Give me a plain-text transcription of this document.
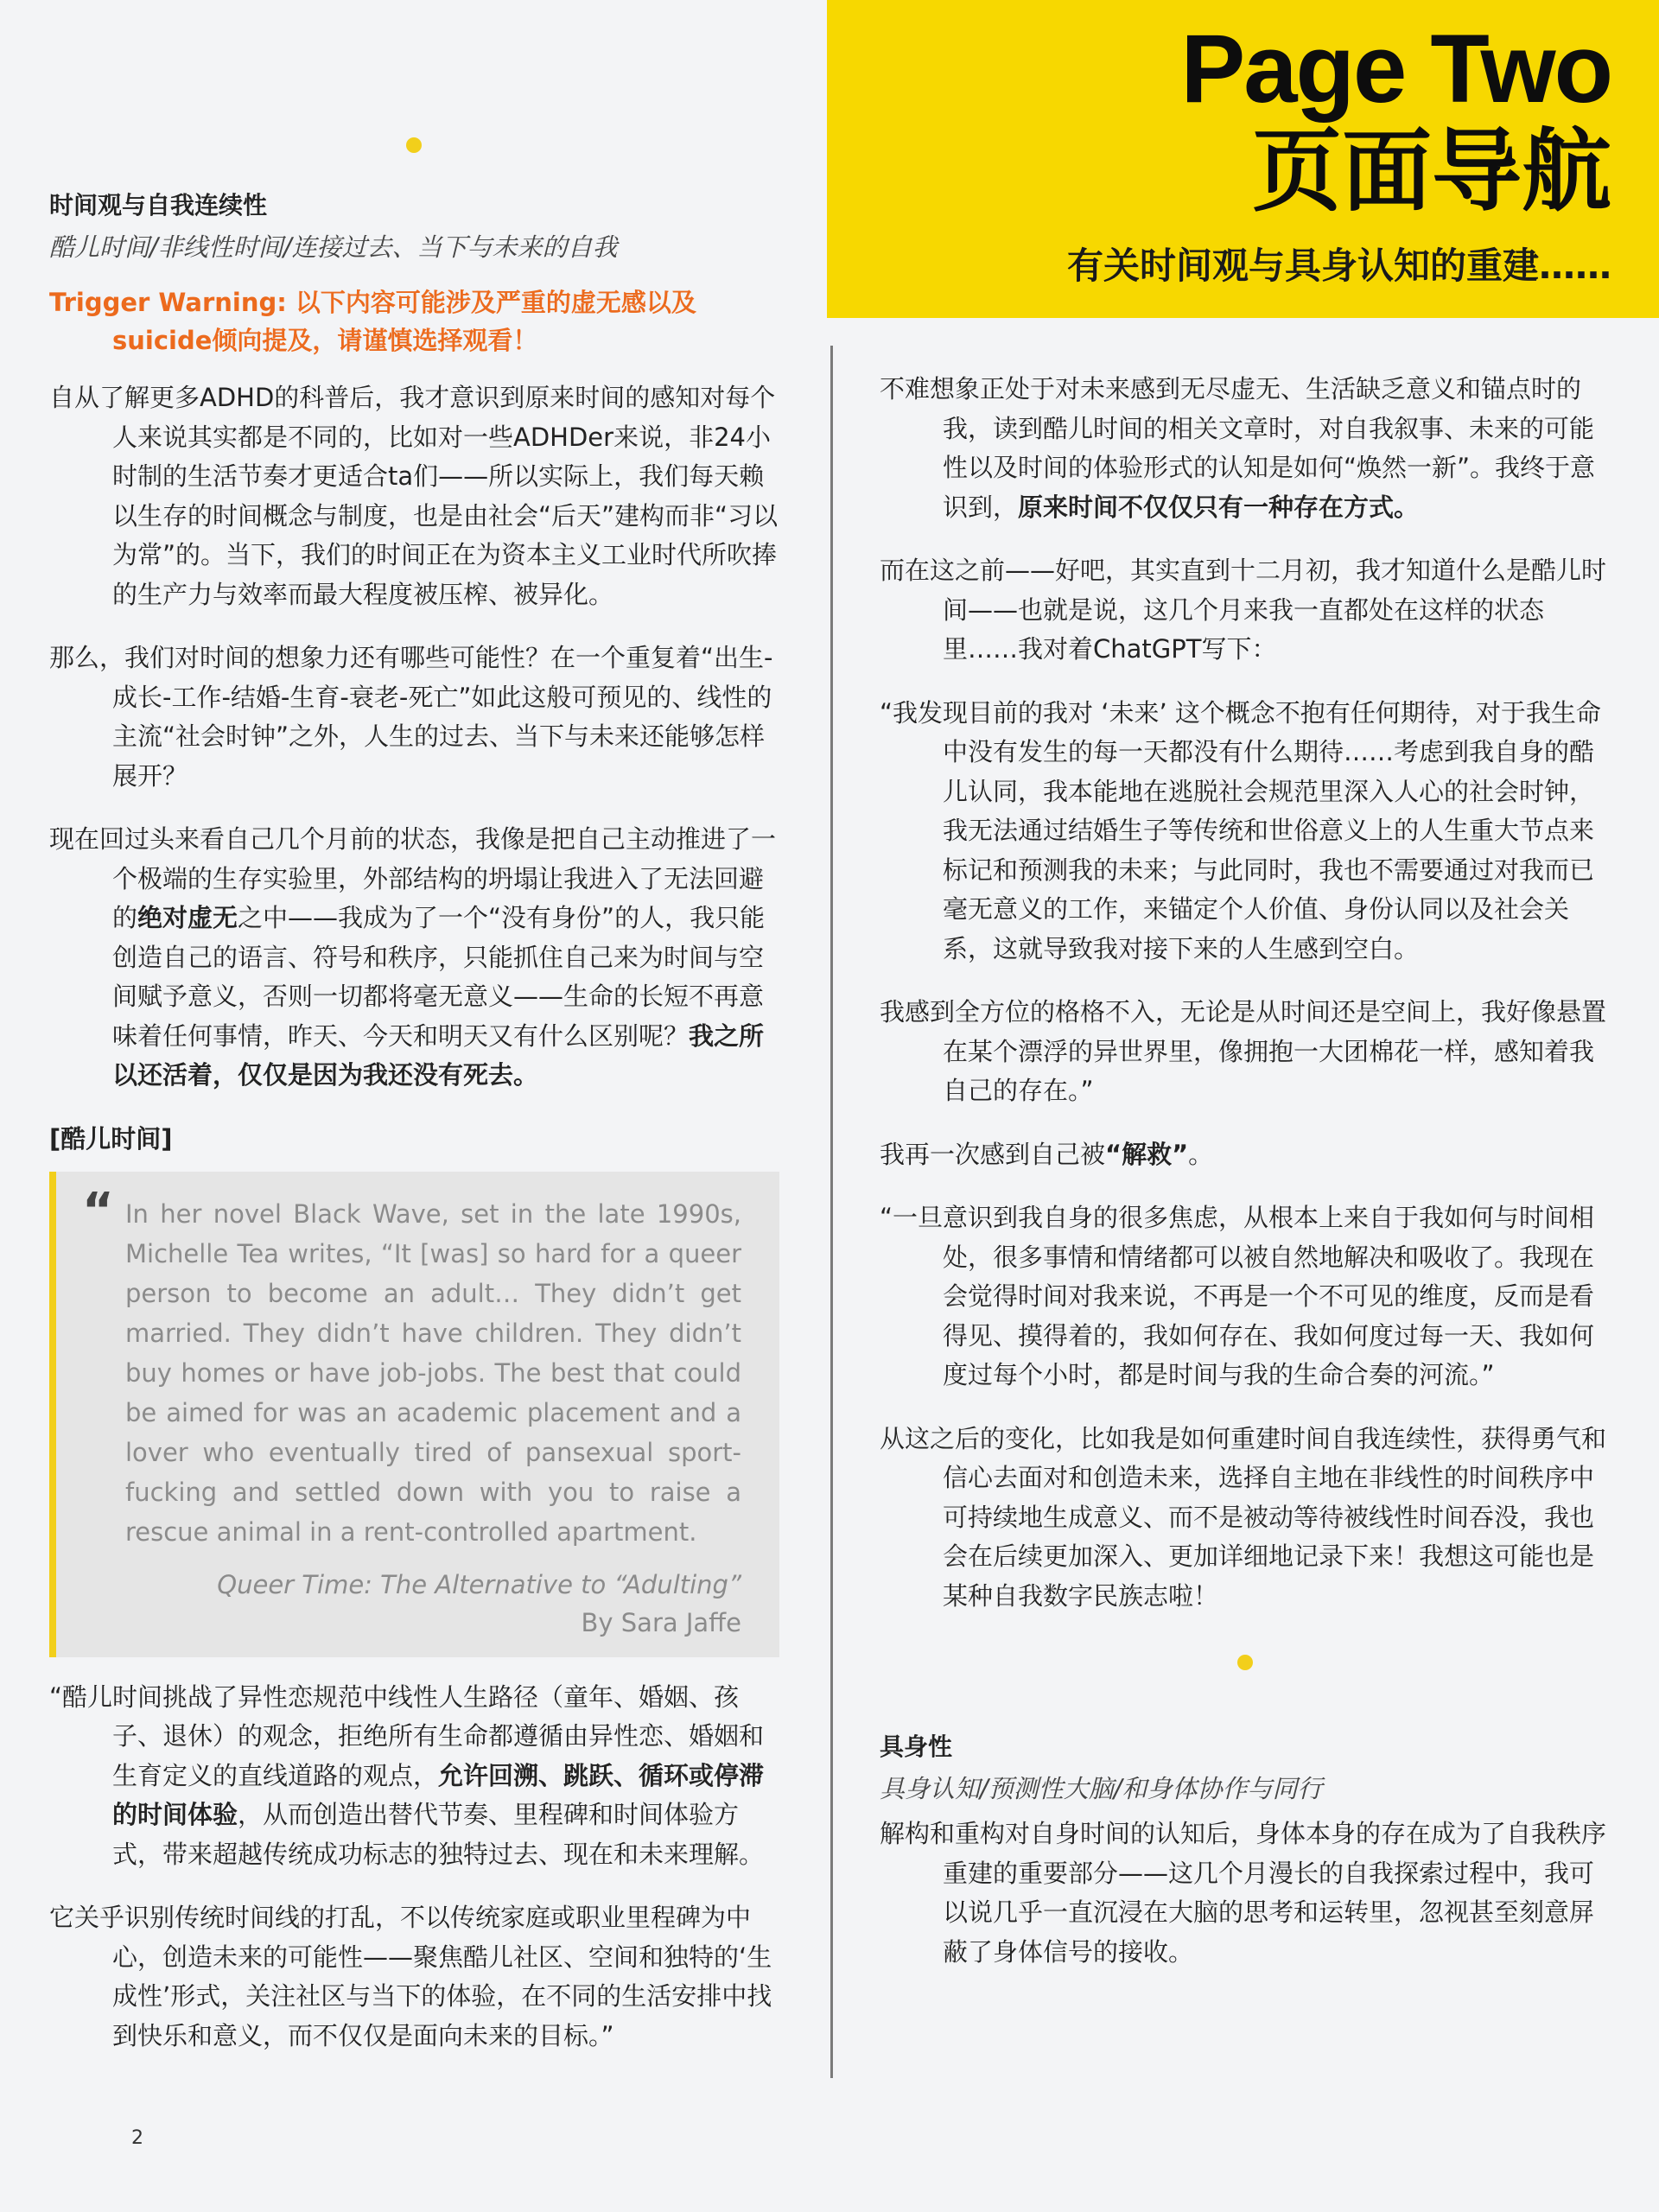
Page Two
页面导航
有关时间观与具身认知的重建……

时间观与自我连续性

酷儿时间/非线性时间/连接过去、当下与未来的自我

Trigger Warning: 以下内容可能涉及严重的虚无感以及suicide倾向提及，请谨慎选择观看！

自从了解更多ADHD的科普后，我才意识到原来时间的感知对每个人来说其实都是不同的，比如对一些ADHDer来说，非24小时制的生活节奏才更适合ta们——所以实际上，我们每天赖以生存的时间概念与制度，也是由社会“后天”建构而非“习以为常”的。当下，我们的时间正在为资本主义工业时代所吹捧的生产力与效率而最大程度被压榨、被异化。

那么，我们对时间的想象力还有哪些可能性？在一个重复着“出生-成长-工作-结婚-生育-衰老-死亡”如此这般可预见的、线性的主流“社会时钟”之外，人生的过去、当下与未来还能够怎样展开？

现在回过头来看自己几个月前的状态，我像是把自己主动推进了一个极端的生存实验里，外部结构的坍塌让我进入了无法回避的绝对虚无之中——我成为了一个“没有身份”的人，我只能创造自己的语言、符号和秩序，只能抓住自己来为时间与空间赋予意义，否则一切都将毫无意义——生命的长短不再意味着任何事情，昨天、今天和明天又有什么区别呢？我之所以还活着，仅仅是因为我还没有死去。

[酷儿时间]

“ In her novel Black Wave, set in the late 1990s, Michelle Tea writes, “It [was] so hard for a queer person to become an adult… They didn’t get married. They didn’t have children. They didn’t buy homes or have job-jobs. The best that could be aimed for was an academic placement and a lover who eventually tired of pansexual sport-fucking and settled down with you to raise a rescue animal in a rent-controlled apartment.

Queer Time: The Alternative to “Adulting”

By Sara Jaffe

“酷儿时间挑战了异性恋规范中线性人生路径（童年、婚姻、孩子、退休）的观念，拒绝所有生命都遵循由异性恋、婚姻和生育定义的直线道路的观点，允许回溯、跳跃、循环或停滞的时间体验，从而创造出替代节奏、里程碑和时间体验方式，带来超越传统成功标志的独特过去、现在和未来理解。

它关乎识别传统时间线的打乱，不以传统家庭或职业里程碑为中心，创造未来的可能性——聚焦酷儿社区、空间和独特的‘生成性’形式，关注社区与当下的体验，在不同的生活安排中找到快乐和意义，而不仅仅是面向未来的目标。”

不难想象正处于对未来感到无尽虚无、生活缺乏意义和锚点时的我，读到酷儿时间的相关文章时，对自我叙事、未来的可能性以及时间的体验形式的认知是如何“焕然一新”。我终于意识到，原来时间不仅仅只有一种存在方式。

而在这之前——好吧，其实直到十二月初，我才知道什么是酷儿时间——也就是说，这几个月来我一直都处在这样的状态里……我对着ChatGPT写下：

“我发现目前的我对 ‘未来’ 这个概念不抱有任何期待，对于我生命中没有发生的每一天都没有什么期待……考虑到我自身的酷儿认同，我本能地在逃脱社会规范里深入人心的社会时钟，我无法通过结婚生子等传统和世俗意义上的人生重大节点来标记和预测我的未来；与此同时，我也不需要通过对我而已毫无意义的工作，来锚定个人价值、身份认同以及社会关系，这就导致我对接下来的人生感到空白。

我感到全方位的格格不入，无论是从时间还是空间上，我好像悬置在某个漂浮的异世界里，像拥抱一大团棉花一样，感知着我自己的存在。”

我再一次感到自己被“解救”。

“一旦意识到我自身的很多焦虑，从根本上来自于我如何与时间相处，很多事情和情绪都可以被自然地解决和吸收了。我现在会觉得时间对我来说，不再是一个不可见的维度，反而是看得见、摸得着的，我如何存在、我如何度过每一天、我如何度过每个小时，都是时间与我的生命合奏的河流。”

从这之后的变化，比如我是如何重建时间自我连续性，获得勇气和信心去面对和创造未来，选择自主地在非线性的时间秩序中可持续地生成意义、而不是被动等待被线性时间吞没，我也会在后续更加深入、更加详细地记录下来！我想这可能也是某种自我数字民族志啦！

具身性

具身认知/预测性大脑/和身体协作与同行

解构和重构对自身时间的认知后，身体本身的存在成为了自我秩序重建的重要部分——这几个月漫长的自我探索过程中，我可以说几乎一直沉浸在大脑的思考和运转里，忽视甚至刻意屏蔽了身体信号的接收。

2
